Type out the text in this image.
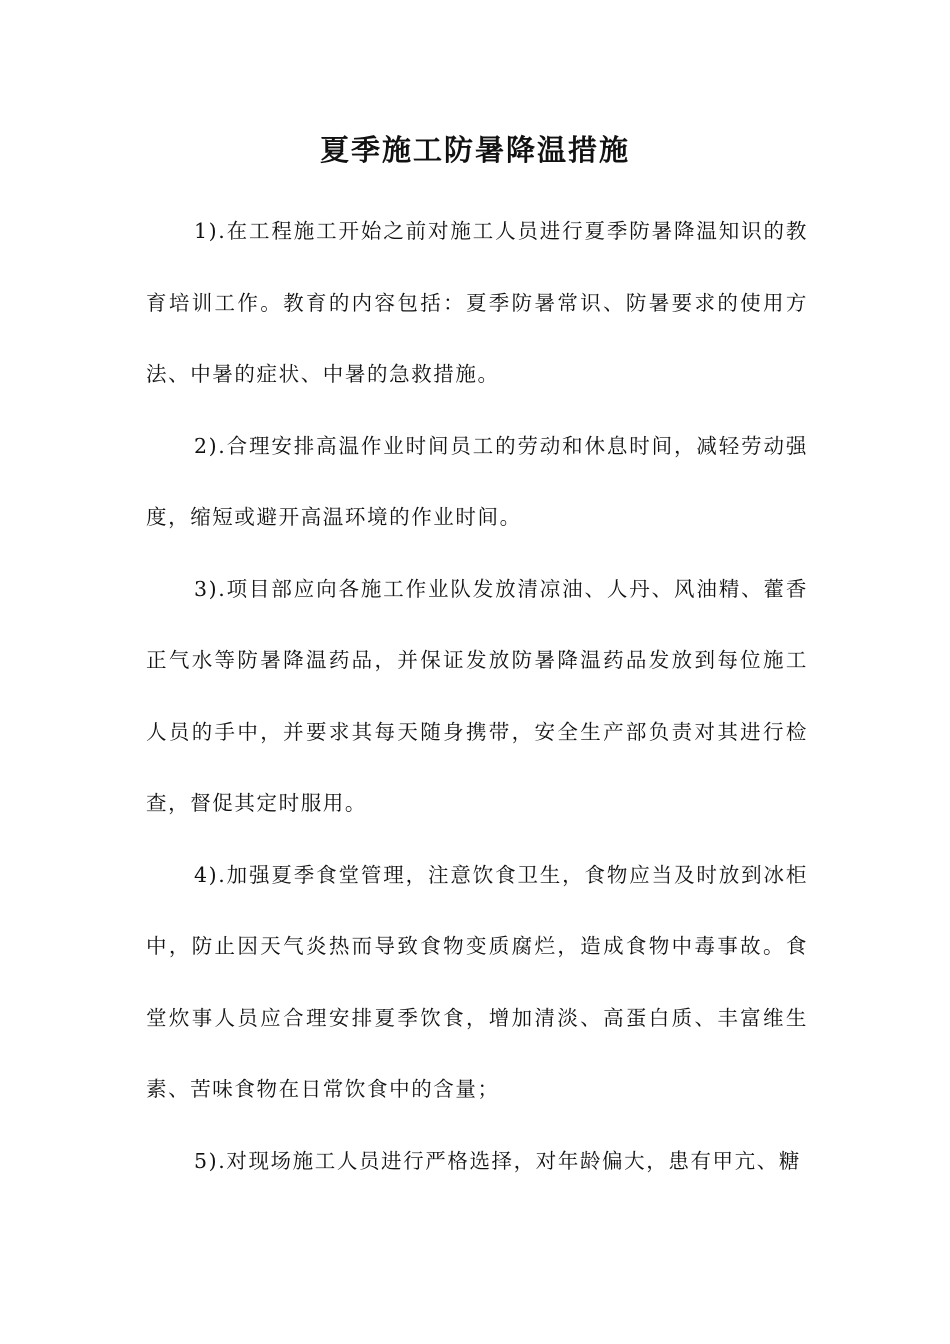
夏季施工防暑降温措施

1).在工程施工开始之前对施工人员进行夏季防暑降温知识的教育培训工作。教育的内容包括：夏季防暑常识、防暑要求的使用方法、中暑的症状、中暑的急救措施。

2).合理安排高温作业时间员工的劳动和休息时间，减轻劳动强度，缩短或避开高温环境的作业时间。

3).项目部应向各施工作业队发放清凉油、人丹、风油精、藿香正气水等防暑降温药品，并保证发放防暑降温药品发放到每位施工人员的手中，并要求其每天随身携带，安全生产部负责对其进行检查，督促其定时服用。

4).加强夏季食堂管理，注意饮食卫生，食物应当及时放到冰柜中，防止因天气炎热而导致食物变质腐烂，造成食物中毒事故。食堂炊事人员应合理安排夏季饮食，增加清淡、高蛋白质、丰富维生素、苦味食物在日常饮食中的含量；

5).对现场施工人员进行严格选择，对年龄偏大，患有甲亢、糖
